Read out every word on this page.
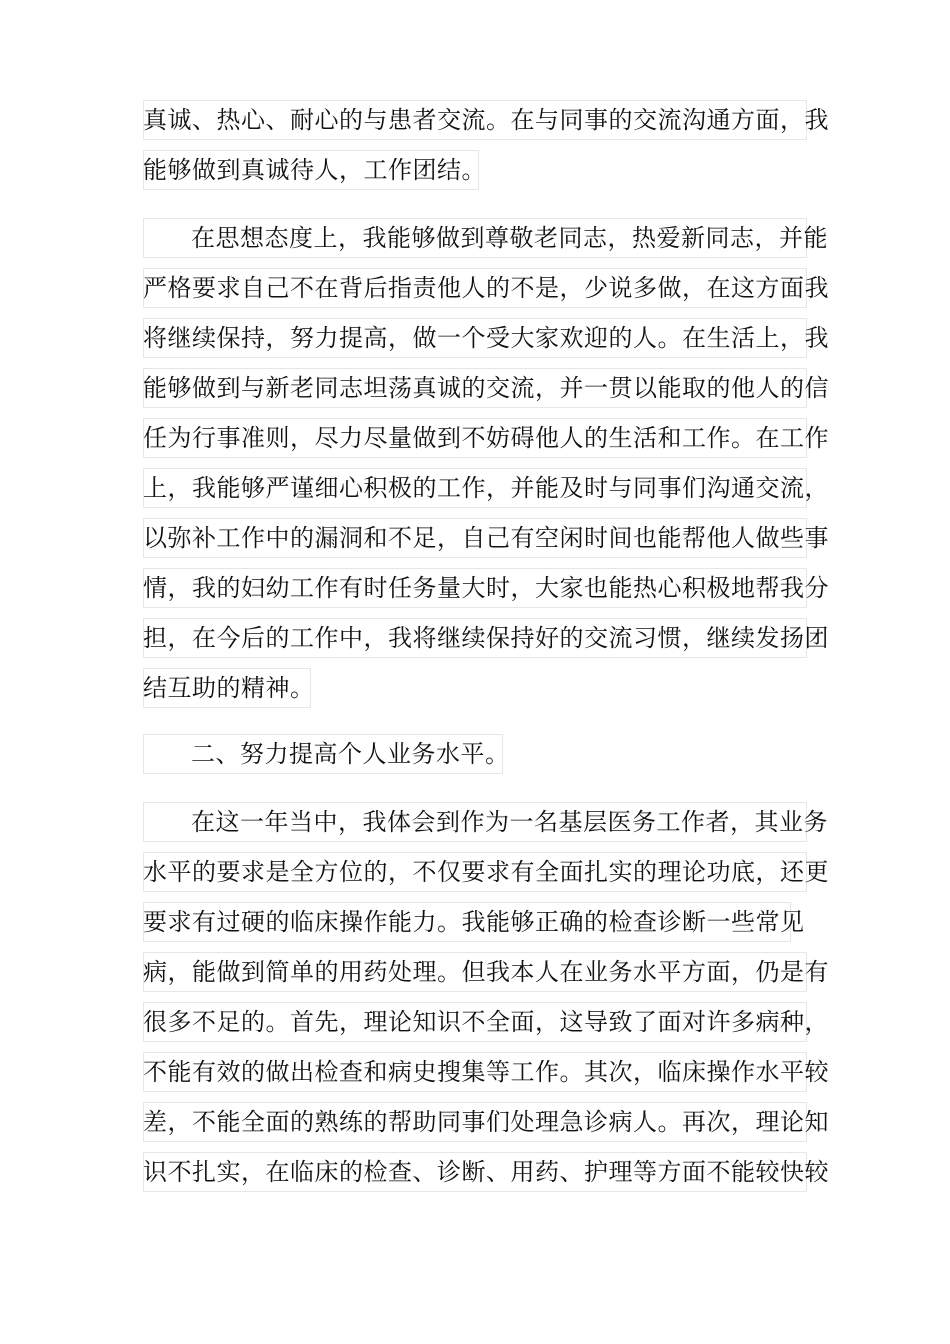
真诚、热心、耐心的与患者交流。在与同事的交流沟通方面，我
能够做到真诚待人，工作团结。
在思想态度上，我能够做到尊敬老同志，热爱新同志，并能
严格要求自己不在背后指责他人的不是，少说多做，在这方面我
将继续保持，努力提高，做一个受大家欢迎的人。在生活上，我
能够做到与新老同志坦荡真诚的交流，并一贯以能取的他人的信
任为行事准则，尽力尽量做到不妨碍他人的生活和工作。在工作
上，我能够严谨细心积极的工作，并能及时与同事们沟通交流，
以弥补工作中的漏洞和不足，自己有空闲时间也能帮他人做些事
情，我的妇幼工作有时任务量大时，大家也能热心积极地帮我分
担，在今后的工作中，我将继续保持好的交流习惯，继续发扬团
结互助的精神。
二、努力提高个人业务水平。
在这一年当中，我体会到作为一名基层医务工作者，其业务
水平的要求是全方位的，不仅要求有全面扎实的理论功底，还更
要求有过硬的临床操作能力。我能够正确的检查诊断一些常见
病，能做到简单的用药处理。但我本人在业务水平方面，仍是有
很多不足的。首先，理论知识不全面，这导致了面对许多病种，
不能有效的做出检查和病史搜集等工作。其次，临床操作水平较
差，不能全面的熟练的帮助同事们处理急诊病人。再次，理论知
识不扎实，在临床的检查、诊断、用药、护理等方面不能较快较
